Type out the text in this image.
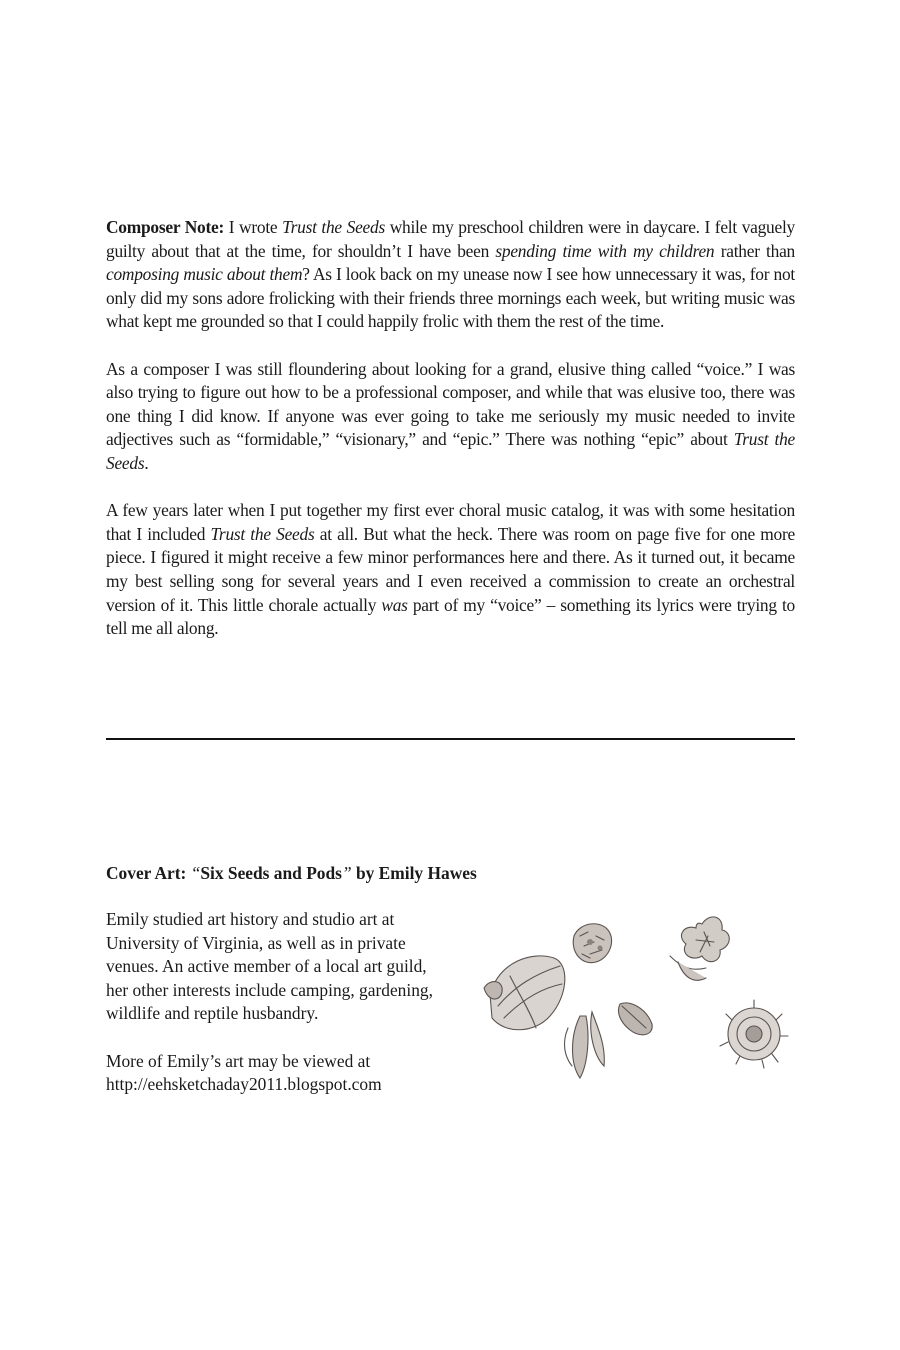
Composer Note: I wrote Trust the Seeds while my preschool children were in daycare. I felt vaguely guilty about that at the time, for shouldn’t I have been spending time with my children rather than composing music about them? As I look back on my unease now I see how unnecessary it was, for not only did my sons adore frolicking with their friends three mornings each week, but writing music was what kept me grounded so that I could happily frolic with them the rest of the time.

As a composer I was still floundering about looking for a grand, elusive thing called “voice.” I was also trying to figure out how to be a professional composer, and while that was elusive too, there was one thing I did know. If anyone was ever going to take me seriously my music needed to invite adjectives such as “formidable,” “visionary,” and “epic.” There was nothing “epic” about Trust the Seeds.

A few years later when I put together my first ever choral music catalog, it was with some hesitation that I included Trust the Seeds at all. But what the heck. There was room on page five for one more piece. I figured it might receive a few minor performances here and there. As it turned out, it became my best selling song for several years and I even received a commission to create an orchestral version of it. This little chorale actually was part of my “voice” – something its lyrics were trying to tell me all along.

Cover Art: “Six Seeds and Pods” by Emily Hawes

Emily studied art history and studio art at
University of Virginia, as well as in private
venues. An active member of a local art guild,
her other interests include camping, gardening,
wildlife and reptile husbandry.

More of Emily’s art may be viewed at
http://eehsketchaday2011.blogspot.com
